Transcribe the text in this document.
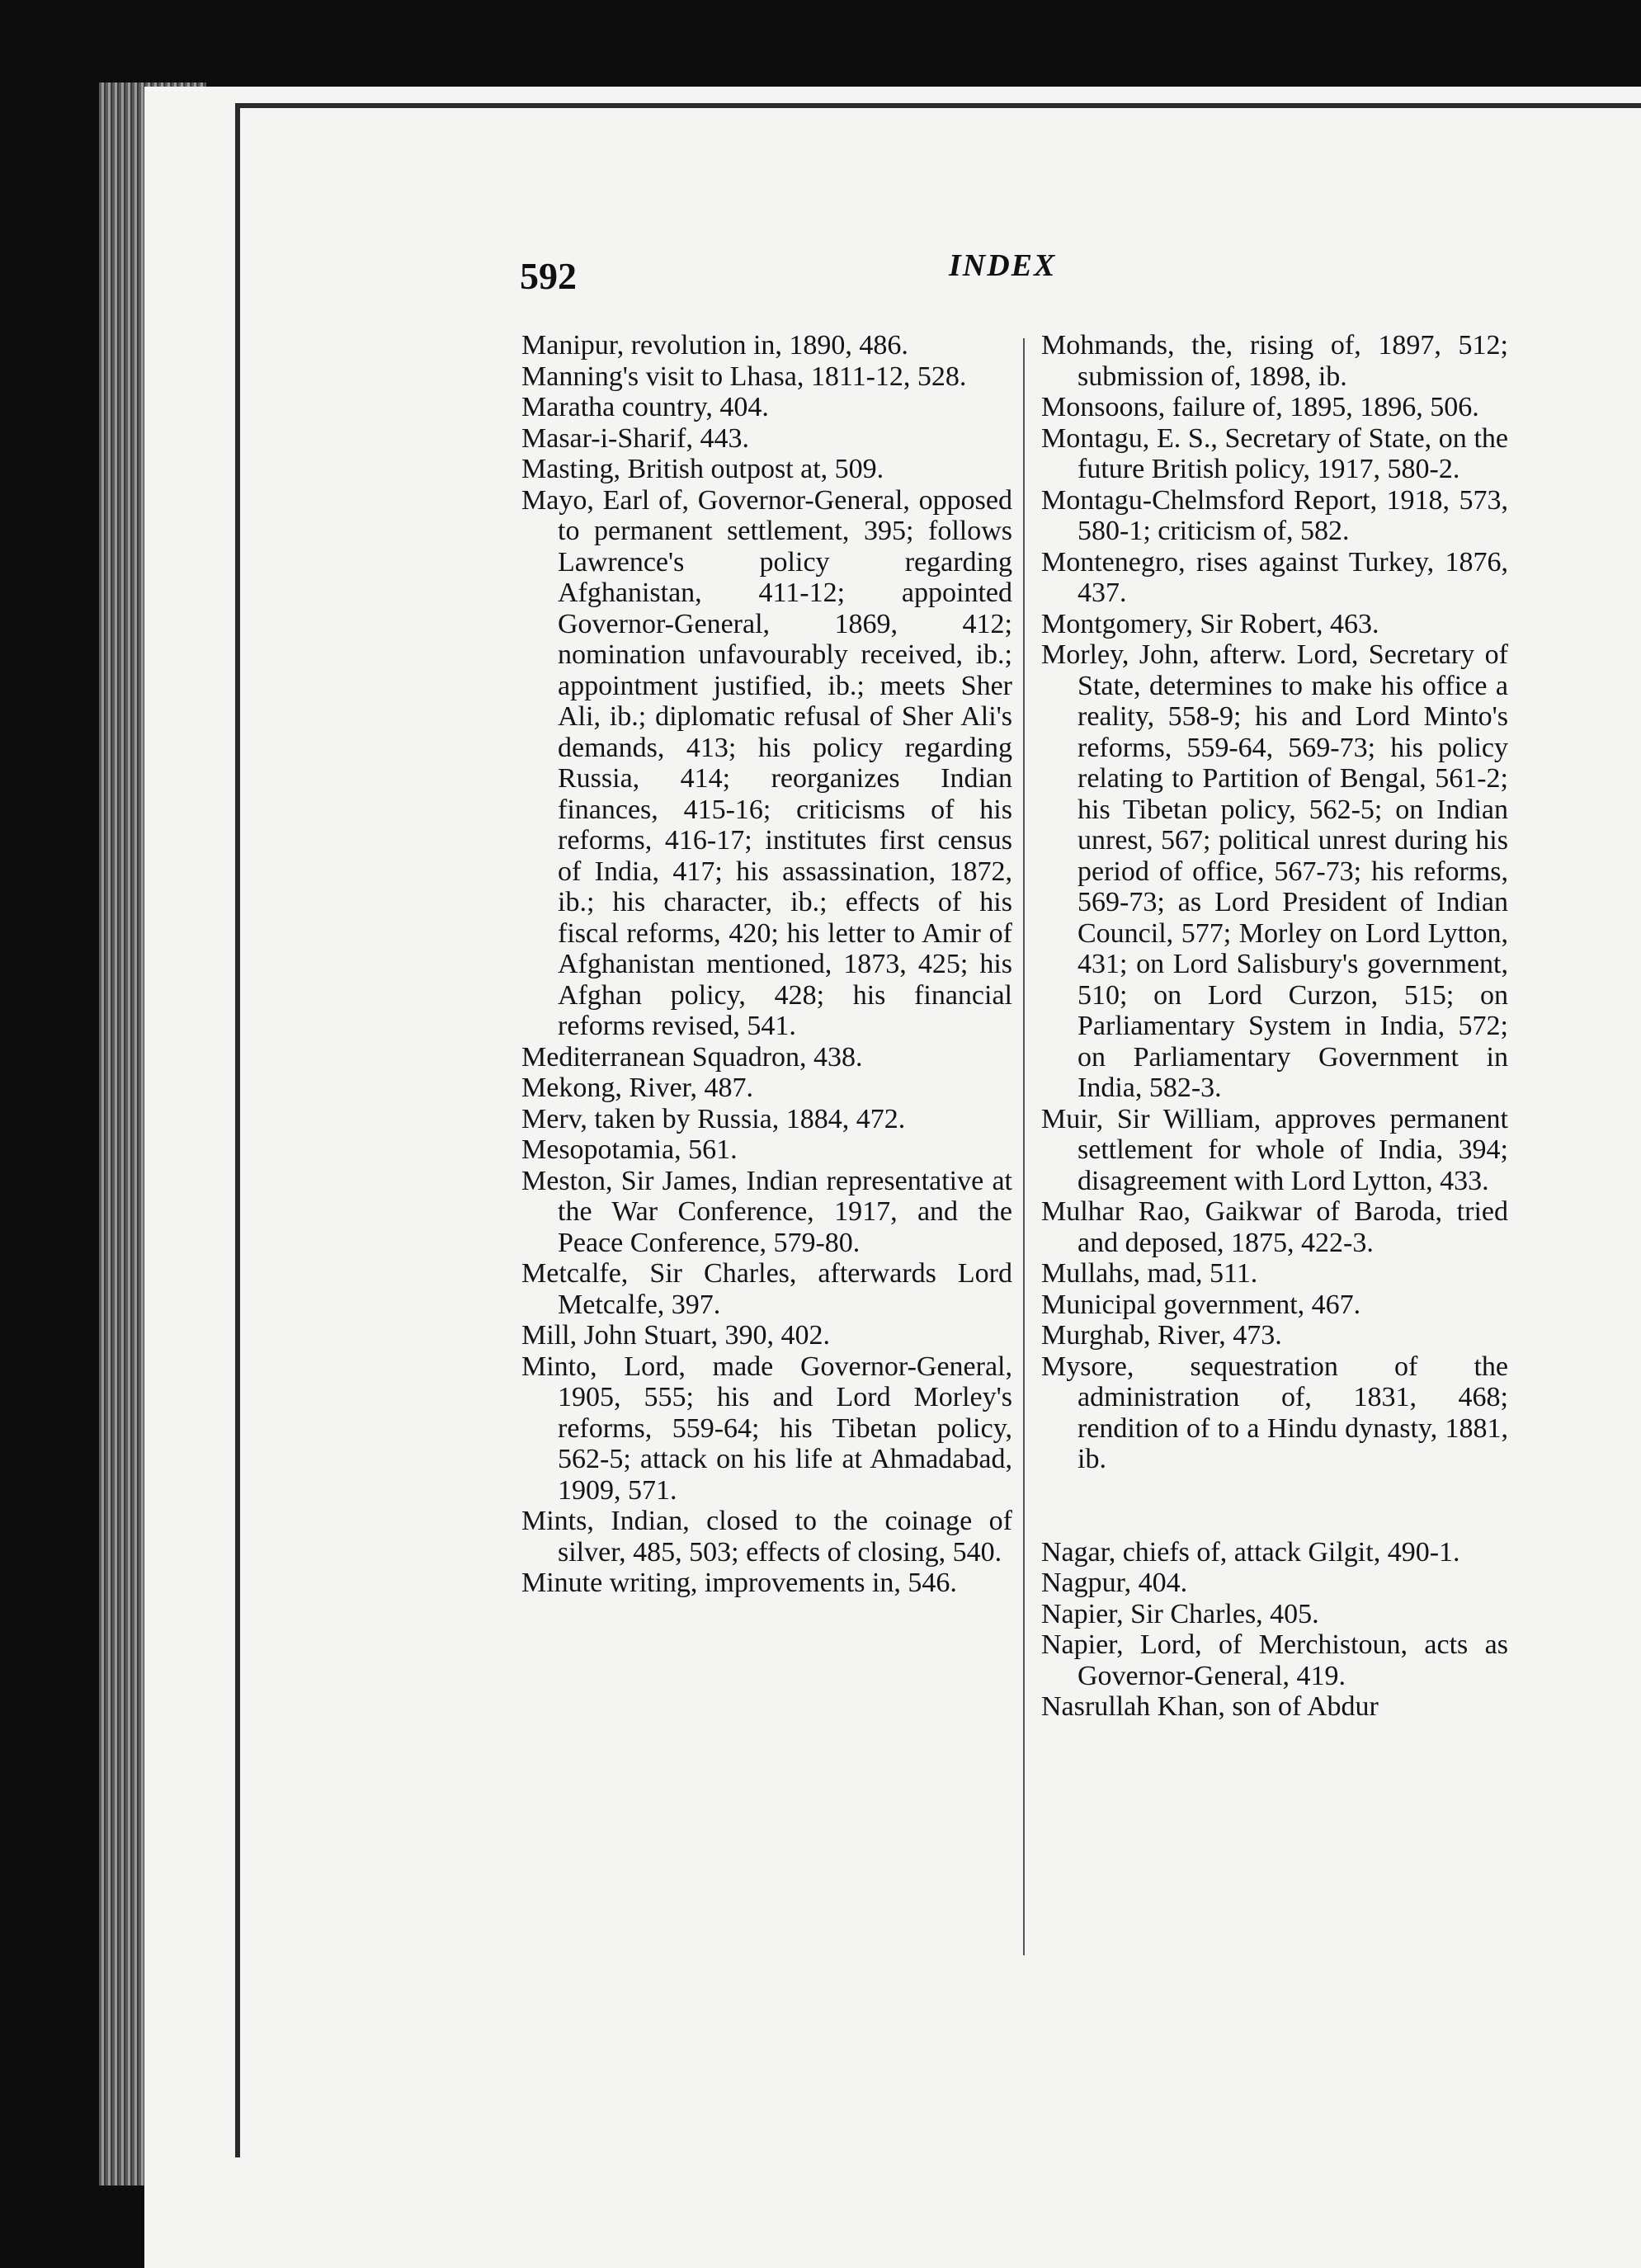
592	INDEX

Manipur, revolution in, 1890, 486.

Manning's visit to Lhasa, 1811-12, 528.

Maratha country, 404.

Masar-i-Sharif, 443.

Masting, British outpost at, 509.

Mayo, Earl of, Governor-General, opposed to permanent settlement, 395; follows Lawrence's policy regarding Afghanistan, 411-12; appointed Governor-General, 1869, 412; nomination unfavourably received, ib.; appointment justified, ib.; meets Sher Ali, ib.; diplomatic refusal of Sher Ali's demands, 413; his policy regarding Russia, 414; reorganizes Indian finances, 415-16; criticisms of his reforms, 416-17; institutes first census of India, 417; his assassination, 1872, ib.; his character, ib.; effects of his fiscal reforms, 420; his letter to Amir of Afghanistan mentioned, 1873, 425; his Afghan policy, 428; his financial reforms revised, 541.

Mediterranean Squadron, 438.

Mekong, River, 487.

Merv, taken by Russia, 1884, 472.

Mesopotamia, 561.

Meston, Sir James, Indian representative at the War Conference, 1917, and the Peace Conference, 579-80.

Metcalfe, Sir Charles, afterwards Lord Metcalfe, 397.

Mill, John Stuart, 390, 402.

Minto, Lord, made Governor-General, 1905, 555; his and Lord Morley's reforms, 559-64; his Tibetan policy, 562-5; attack on his life at Ahmadabad, 1909, 571.

Mints, Indian, closed to the coinage of silver, 485, 503; effects of closing, 540.

Minute writing, improvements in, 546.

Mohmands, the, rising of, 1897, 512; submission of, 1898, ib.

Monsoons, failure of, 1895, 1896, 506.

Montagu, E. S., Secretary of State, on the future British policy, 1917, 580-2.

Montagu-Chelmsford Report, 1918, 573, 580-1; criticism of, 582.

Montenegro, rises against Turkey, 1876, 437.

Montgomery, Sir Robert, 463.

Morley, John, afterw. Lord, Secretary of State, determines to make his office a reality, 558-9; his and Lord Minto's reforms, 559-64, 569-73; his policy relating to Partition of Bengal, 561-2; his Tibetan policy, 562-5; on Indian unrest, 567; political unrest during his period of office, 567-73; his reforms, 569-73; as Lord President of Indian Council, 577; Morley on Lord Lytton, 431; on Lord Salisbury's government, 510; on Lord Curzon, 515; on Parliamentary System in India, 572; on Parliamentary Government in India, 582-3.

Muir, Sir William, approves permanent settlement for whole of India, 394; disagreement with Lord Lytton, 433.

Mulhar Rao, Gaikwar of Baroda, tried and deposed, 1875, 422-3.

Mullahs, mad, 511.

Municipal government, 467.

Murghab, River, 473.

Mysore, sequestration of the administration of, 1831, 468; rendition of to a Hindu dynasty, 1881, ib.

Nagar, chiefs of, attack Gilgit, 490-1.

Nagpur, 404.

Napier, Sir Charles, 405.

Napier, Lord, of Merchistoun, acts as Governor-General, 419.

Nasrullah Khan, son of Abdur
